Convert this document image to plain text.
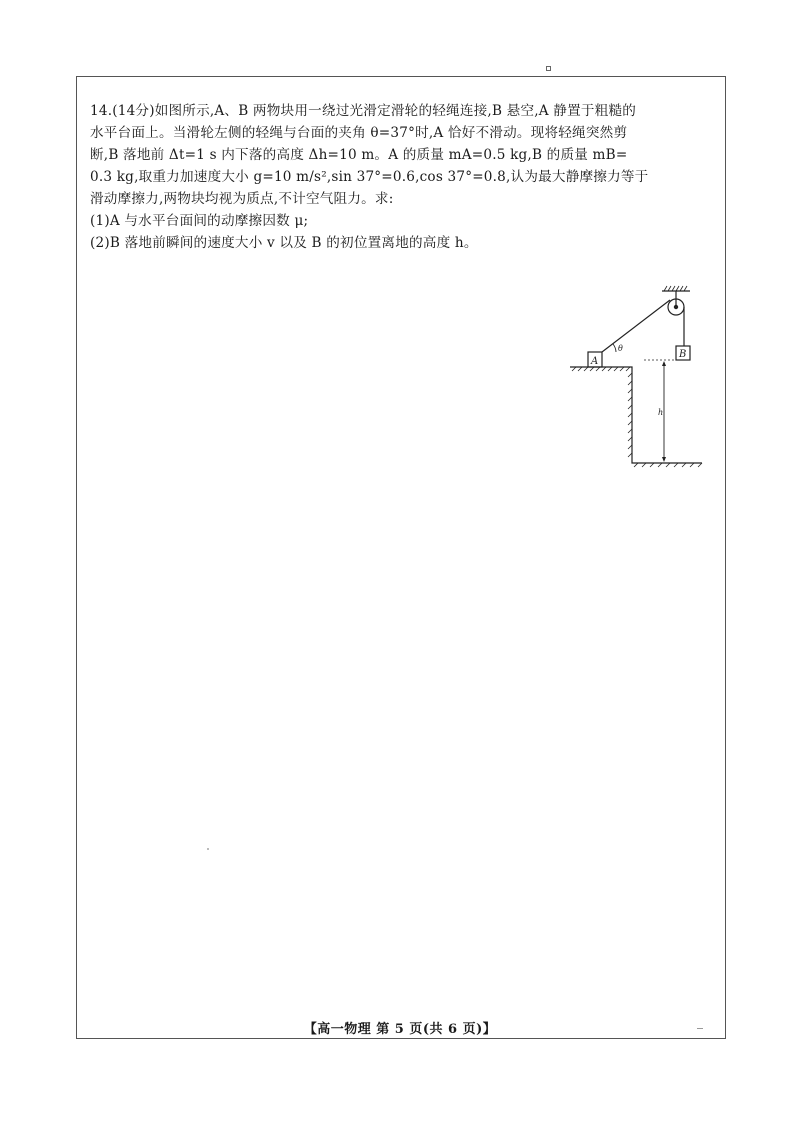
14.(14分)如图所示,A、B 两物块用一绕过光滑定滑轮的轻绳连接,B 悬空,A 静置于粗糙的

水平台面上。当滑轮左侧的轻绳与台面的夹角 θ=37°时,A 恰好不滑动。现将轻绳突然剪

断,B 落地前 Δt=1 s 内下落的高度 Δh=10 m。A 的质量 mA=0.5 kg,B 的质量 mB=

0.3 kg,取重力加速度大小 g=10 m/s²,sin 37°=0.6,cos 37°=0.8,认为最大静摩擦力等于

滑动摩擦力,两物块均视为质点,不计空气阻力。求:

(1)A 与水平台面间的动摩擦因数 μ;

(2)B 落地前瞬间的速度大小 v 以及 B 的初位置离地的高度 h。

A
B
θ
h
【高一物理 第 5 页(共 6 页)】
